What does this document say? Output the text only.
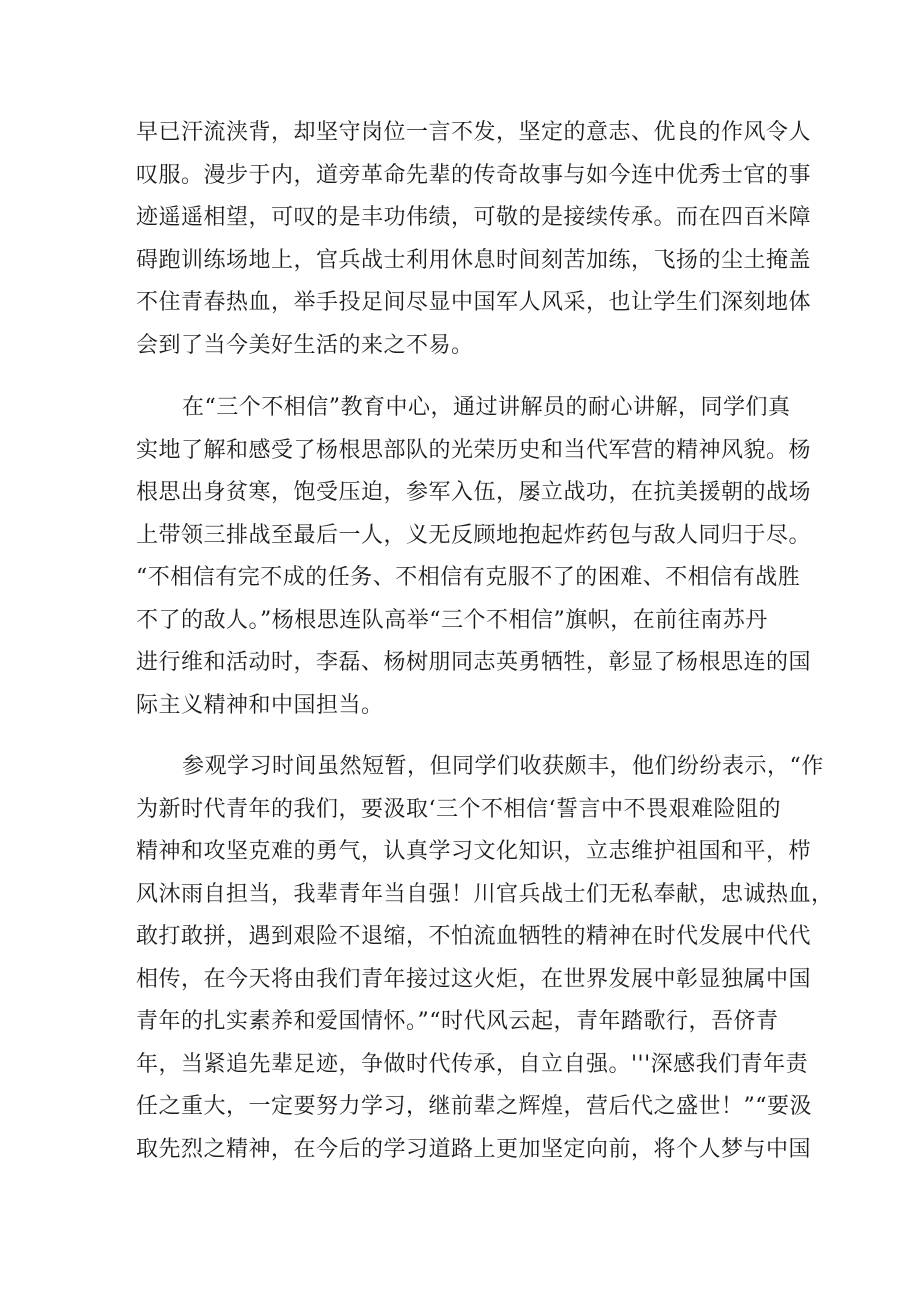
早已汗流浃背，却坚守岗位一言不发，坚定的意志、优良的作风令人
叹服。漫步于内，道旁革命先辈的传奇故事与如今连中优秀士官的事
迹遥遥相望，可叹的是丰功伟绩，可敬的是接续传承。而在四百米障
碍跑训练场地上，官兵战士利用休息时间刻苦加练，飞扬的尘土掩盖
不住青春热血，举手投足间尽显中国军人风采，也让学生们深刻地体
会到了当今美好生活的来之不易。
在“三个不相信”教育中心，通过讲解员的耐心讲解，同学们真
实地了解和感受了杨根思部队的光荣历史和当代军营的精神风貌。杨
根思出身贫寒，饱受压迫，参军入伍，屡立战功，在抗美援朝的战场
上带领三排战至最后一人，义无反顾地抱起炸药包与敌人同归于尽。
“不相信有完不成的任务、不相信有克服不了的困难、不相信有战胜
不了的敌人。”杨根思连队高举“三个不相信”旗帜，在前往南苏丹
进行维和活动时，李磊、杨树朋同志英勇牺牲，彰显了杨根思连的国
际主义精神和中国担当。
参观学习时间虽然短暂，但同学们收获颇丰，他们纷纷表示，“作
为新时代青年的我们，要汲取‘三个不相信‘誓言中不畏艰难险阻的
精神和攻坚克难的勇气，认真学习文化知识，立志维护祖国和平，栉
风沐雨自担当，我辈青年当自强！川官兵战士们无私奉献，忠诚热血，
敢打敢拼，遇到艰险不退缩，不怕流血牺牲的精神在时代发展中代代
相传，在今天将由我们青年接过这火炬，在世界发展中彰显独属中国
青年的扎实素养和爱国情怀。”“时代风云起，青年踏歌行，吾侪青
年，当紧追先辈足迹，争做时代传承，自立自强。'''深感我们青年责
任之重大，一定要努力学习，继前辈之辉煌，营后代之盛世！”“要汲
取先烈之精神，在今后的学习道路上更加坚定向前，将个人梦与中国
